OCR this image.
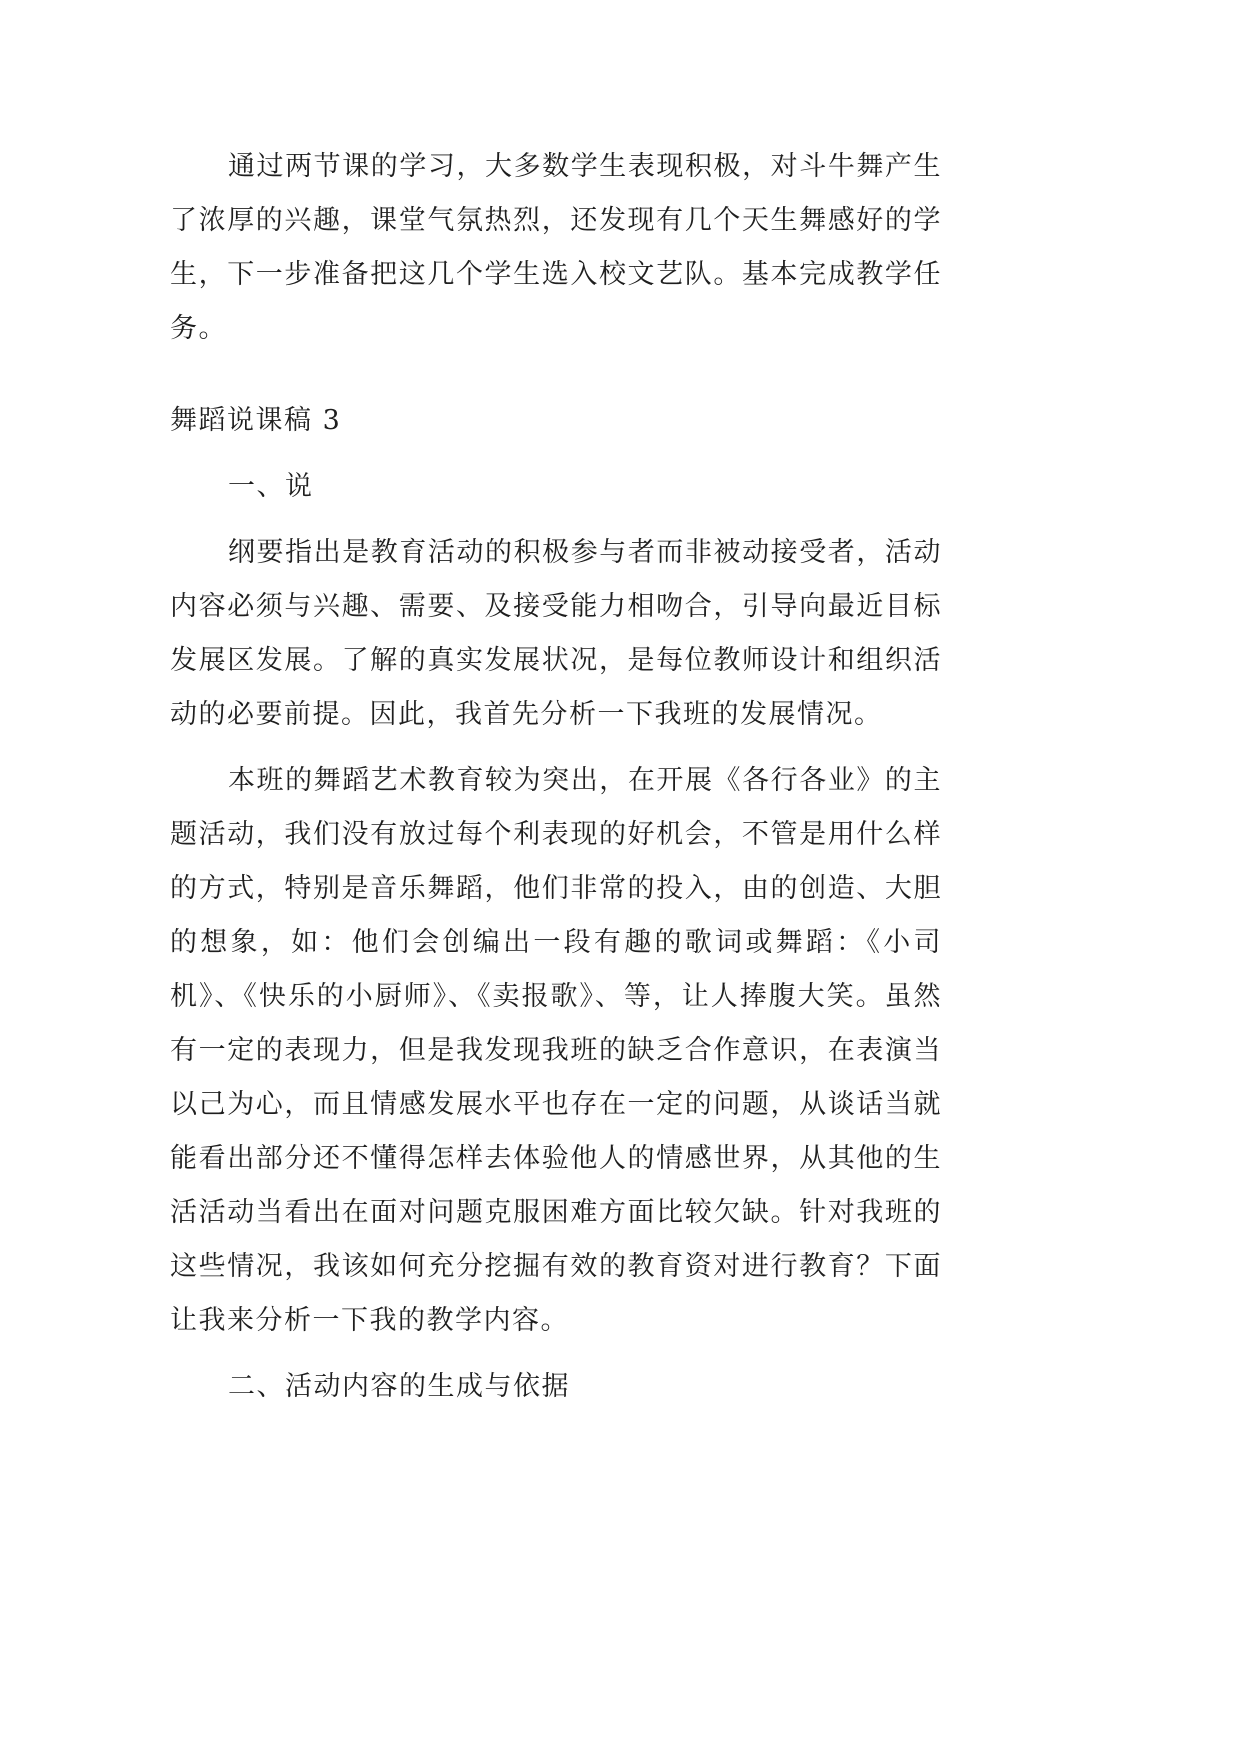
通过两节课的学习，大多数学生表现积极，对斗牛舞产生了浓厚的兴趣，课堂气氛热烈，还发现有几个天生舞感好的学生，下一步准备把这几个学生选入校文艺队。基本完成教学任务。

舞蹈说课稿 3

一、说

纲要指出是教育活动的积极参与者而非被动接受者，活动内容必须与兴趣、需要、及接受能力相吻合，引导向最近目标发展区发展。了解的真实发展状况，是每位教师设计和组织活动的必要前提。因此，我首先分析一下我班的发展情况。

本班的舞蹈艺术教育较为突出，在开展《各行各业》的主题活动，我们没有放过每个利表现的好机会，不管是用什么样的方式，特别是音乐舞蹈，他们非常的投入，由的创造、大胆的想象，如：他们会创编出一段有趣的歌词或舞蹈：《小司机》、《快乐的小厨师》、《卖报歌》、等，让人捧腹大笑。虽然有一定的表现力，但是我发现我班的缺乏合作意识，在表演当以己为心，而且情感发展水平也存在一定的问题，从谈话当就能看出部分还不懂得怎样去体验他人的情感世界，从其他的生活活动当看出在面对问题克服困难方面比较欠缺。针对我班的这些情况，我该如何充分挖掘有效的教育资对进行教育？下面让我来分析一下我的教学内容。

二、活动内容的生成与依据
